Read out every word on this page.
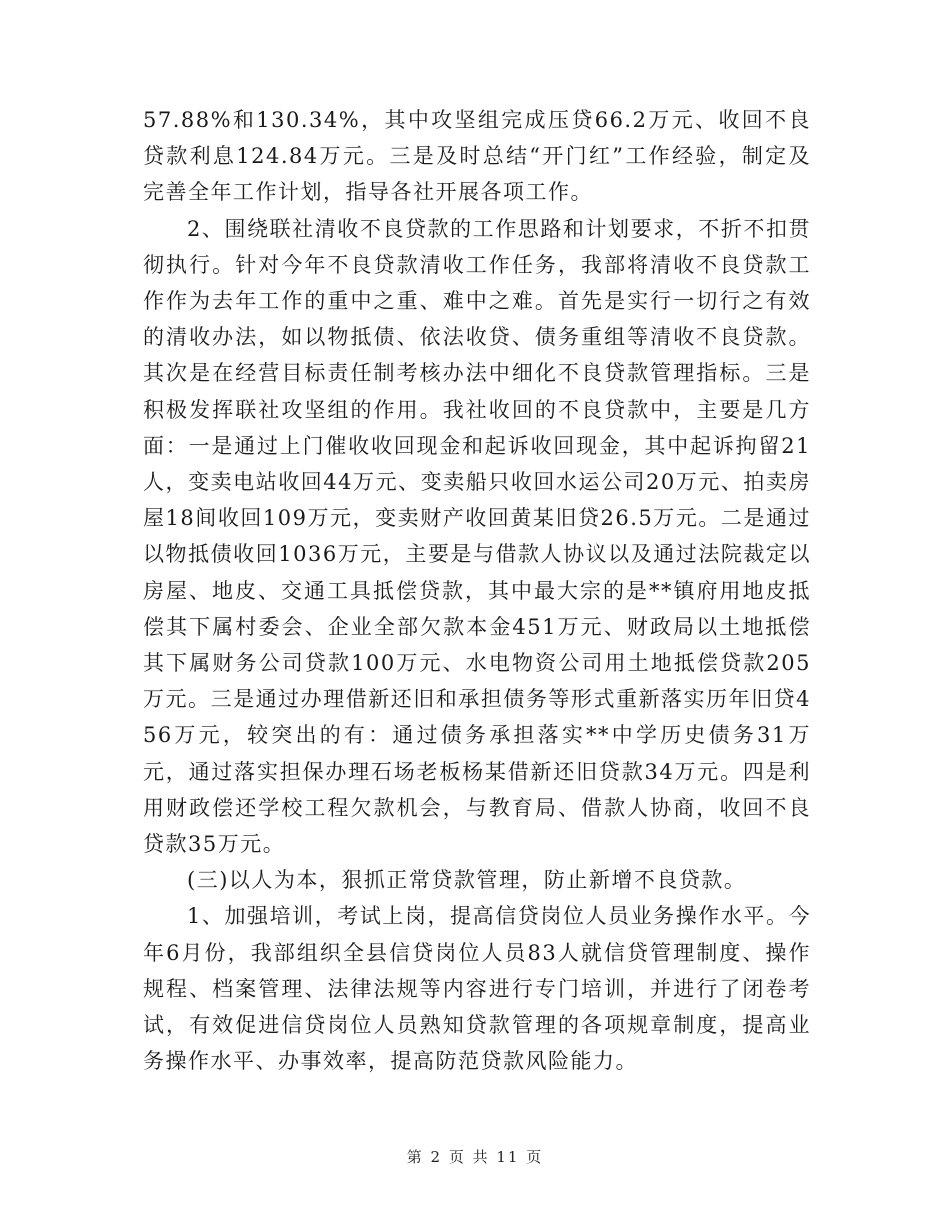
57.88%和130.34%，其中攻坚组完成压贷66.2万元、收回不良贷款利息124.84万元。三是及时总结“开门红”工作经验，制定及完善全年工作计划，指导各社开展各项工作。

2、围绕联社清收不良贷款的工作思路和计划要求，不折不扣贯彻执行。针对今年不良贷款清收工作任务，我部将清收不良贷款工作作为去年工作的重中之重、难中之难。首先是实行一切行之有效的清收办法，如以物抵债、依法收贷、债务重组等清收不良贷款。其次是在经营目标责任制考核办法中细化不良贷款管理指标。三是积极发挥联社攻坚组的作用。我社收回的不良贷款中，主要是几方面：一是通过上门催收收回现金和起诉收回现金，其中起诉拘留21人，变卖电站收回44万元、变卖船只收回水运公司20万元、拍卖房屋18间收回109万元，变卖财产收回黄某旧贷26.5万元。二是通过以物抵债收回1036万元，主要是与借款人协议以及通过法院裁定以房屋、地皮、交通工具抵偿贷款，其中最大宗的是**镇府用地皮抵偿其下属村委会、企业全部欠款本金451万元、财政局以土地抵偿其下属财务公司贷款100万元、水电物资公司用土地抵偿贷款205万元。三是通过办理借新还旧和承担债务等形式重新落实历年旧贷456万元，较突出的有：通过债务承担落实**中学历史债务31万元，通过落实担保办理石场老板杨某借新还旧贷款34万元。四是利用财政偿还学校工程欠款机会，与教育局、借款人协商，收回不良贷款35万元。

(三)以人为本，狠抓正常贷款管理，防止新增不良贷款。

1、加强培训，考试上岗，提高信贷岗位人员业务操作水平。今年6月份，我部组织全县信贷岗位人员83人就信贷管理制度、操作规程、档案管理、法律法规等内容进行专门培训，并进行了闭卷考试，有效促进信贷岗位人员熟知贷款管理的各项规章制度，提高业务操作水平、办事效率，提高防范贷款风险能力。

第 2 页 共 11 页
